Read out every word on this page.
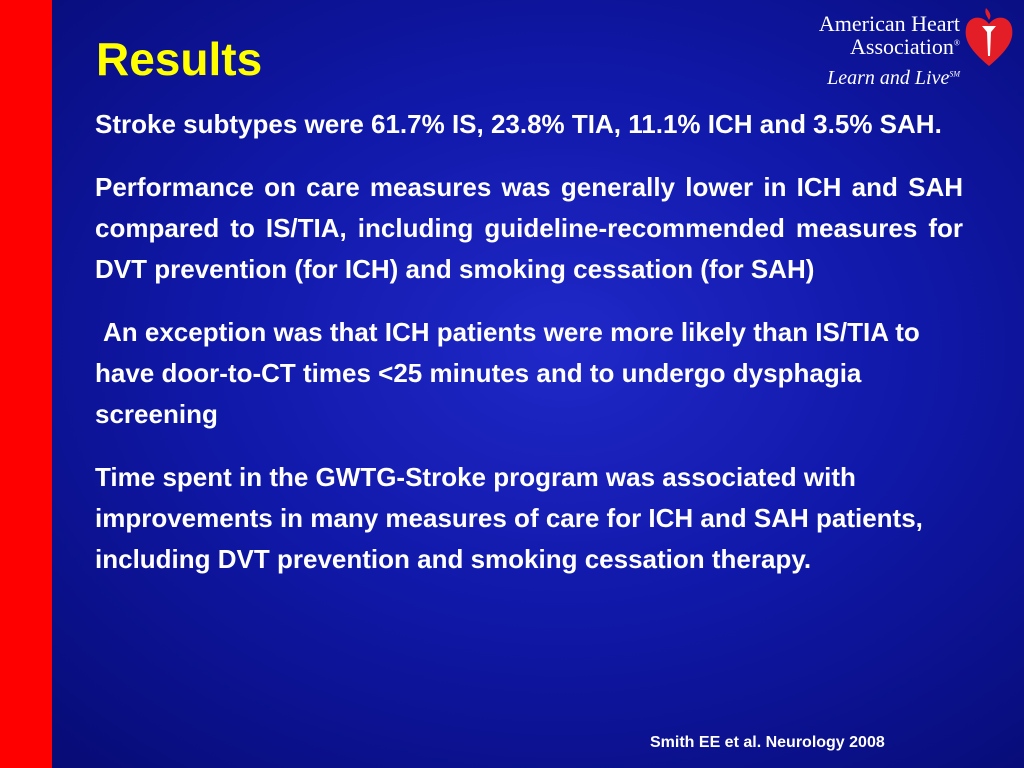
Results
American Heart
Association®
Learn and Live℠

Stroke subtypes were 61.7% IS, 23.8% TIA, 11.1% ICH and 3.5% SAH.

Performance on care measures was generally lower in ICH and SAH compared to IS/TIA, including guideline-recommended measures for DVT prevention (for ICH) and smoking cessation (for SAH)

An exception was that ICH patients were more likely than IS/TIA to have door-to-CT times <25 minutes and to undergo dysphagia screening

Time spent in the GWTG-Stroke program was associated with improvements in many measures of care for ICH and SAH patients, including DVT prevention and smoking cessation therapy.

Smith EE et al. Neurology 2008
